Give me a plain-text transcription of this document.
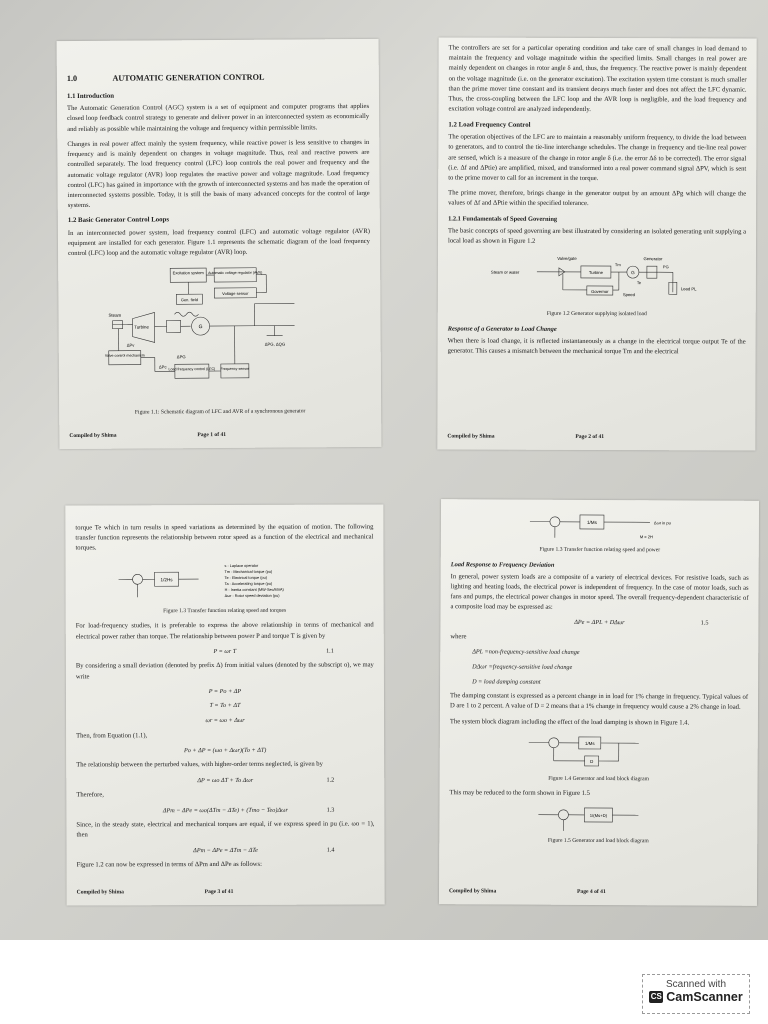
1.0	AUTOMATIC GENERATION CONTROL
1.1 Introduction

The Automatic Generation Control (AGC) system is a set of equipment and computer programs that applies closed loop feedback control strategy to generate and deliver power in an interconnected system as economically and reliably as possible while maintaining the voltage and frequency within permissible limits.

Changes in real power affect mainly the system frequency, while reactive power is less sensitive to changes in frequency and is mainly dependent on changes in voltage magnitude. Thus, real and reactive powers are controlled separately. The load frequency control (LFC) loop controls the real power and frequency and the automatic voltage regulator (AVR) loop regulates the reactive power and voltage magnitude. Load frequency control (LFC) has gained in importance with the growth of interconnected systems and has made the operation of interconnected systems possible. Today, it is still the basis of many advanced concepts for the control of large systems.

1.2 Basic Generator Control Loops

In an interconnected power system, load frequency control (LFC) and automatic voltage regulator (AVR) equipment are installed for each generator. Figure 1.1 represents the schematic diagram of the load frequency control (LFC) loop and the automatic voltage regulator (AVR) loop.

Excitation system Automatic voltage regulator (AVR)
Voltage sensor
Gen. field
Steam
Turbine	G
Valve control mechanism
Load frequency control (LFC) Frequency sensor
ΔPv
ΔPc
ΔPG
ΔPG, ΔQG
Figure 1.1: Schematic diagram of LFC and AVR of a synchronous generator
Compiled by Shima	Page 1 of 41

The controllers are set for a particular operating condition and take care of small changes in load demand to maintain the frequency and voltage magnitude within the specified limits. Small changes in real power are mainly dependent on changes in rotor angle δ and, thus, the frequency. The reactive power is mainly dependent on the voltage magnitude (i.e. on the generator excitation). The excitation system time constant is much smaller than the prime mover time constant and its transient decays much faster and does not affect the LFC dynamic. Thus, the cross-coupling between the LFC loop and the AVR loop is negligible, and the load frequency and excitation voltage control are analyzed independently.

1.2 Load Frequency Control

The operation objectives of the LFC are to maintain a reasonably uniform frequency, to divide the load between to generators, and to control the tie-line interchange schedules. The change in frequency and tie-line real power are sensed, which is a measure of the change in rotor angle δ (i.e. the error Δδ to be corrected). The error signal (i.e. Δf and ΔPtie) are amplified, mixed, and transformed into a real power command signal ΔPV, which is sent to the prime mover to call for an increment in the torque.

The prime mover, therefore, brings change in the generator output by an amount ΔPg which will change the values of Δf and ΔPtie within the specified tolerance.

1.2.1 Fundamentals of Speed Governing

The basic concepts of speed governing are best illustrated by considering an isolated generating unit supplying a local load as shown in Figure 1.2

Valve/gate
Steam or water	Turbine
Generator
Governor
Speed
Load PL
Tm
Te
PG
G
Figure 1.2 Generator supplying isolated load
Response of a Generator to Load Change

When there is load change, it is reflected instantaneously as a change in the electrical torque output Te of the generator. This causes a mismatch between the mechanical torque Tm and the electrical

Compiled by Shima	Page 2 of 41

torque Te which in turn results in speed variations as determined by the equation of motion. The following transfer function represents the relationship between rotor speed as a function of the electrical and mechanical torques.

1/2Hs
s - Laplace operator
Tm - Mechanical torque (pu)
Te - Electrical torque (pu)
Ta - Accelerating torque (pu)
H - Inertia constant (MW-Sec/MVA)
Δωr - Rotor speed deviation (pu)
Figure 1.3 Transfer function relating speed and torques

For load-frequency studies, it is preferable to express the above relationship in terms of mechanical and electrical power rather than torque. The relationship between power P and torque T is given by

P = ωr T	1.1

By considering a small deviation (denoted by prefix Δ) from initial values (denoted by the subscript o), we may write

P = Po + ΔP
T = To + ΔT
ωr = ωo + Δωr

Then, from Equation (1.1),

Po + ΔP = (ωo + Δωr)(To + ΔT)

The relationship between the perturbed values, with higher-order terms neglected, is given by

ΔP = ωo ΔT + To Δωr	1.2

Therefore,

ΔPm − ΔPe = ωo(ΔTm − ΔTe) + (Tmo − Teo)Δωr	1.3

Since, in the steady state, electrical and mechanical torques are equal, if we express speed in pu (i.e. ωo = 1), then

ΔPm − ΔPe = ΔTm − ΔTe	1.4

Figure 1.2 can now be expressed in terms of ΔPm and ΔPe as follows:

Compiled by Shima	Page 3 of 41
1/Ms	Δωr in pu
M = 2H
Figure 1.3 Transfer function relating speed and power
Load Response to Frequency Deviation

In general, power system loads are a composite of a variety of electrical devices. For resistive loads, such as lighting and heating loads, the electrical power is independent of frequency. In the case of motor loads, such as fans and pumps, the electrical power changes in motor speed. The overall frequency-dependent characteristic of a composite load may be expressed as:

ΔPe = ΔPL + DΔωr	1.5

where

ΔPL =non-frequency-sensitive load change
DΔωr =frequency-sensitive load change
D = load damping constant

The damping constant is expressed as a percent change in in load for 1% change in frequency. Typical values of D are 1 to 2 percent. A value of D = 2 means that a 1% change in frequency would cause a 2% change in load.

The system block diagram including the effect of the load damping is shown in Figure 1.4.

1/Ms
D
Figure 1.4 Generator and load block diagram

This may be reduced to the form shown in Figure 1.5

1/(Ms+D)
Figure 1.5 Generator and load block diagram
Compiled by Shima	Page 4 of 41
Scanned with
CS CamScanner
